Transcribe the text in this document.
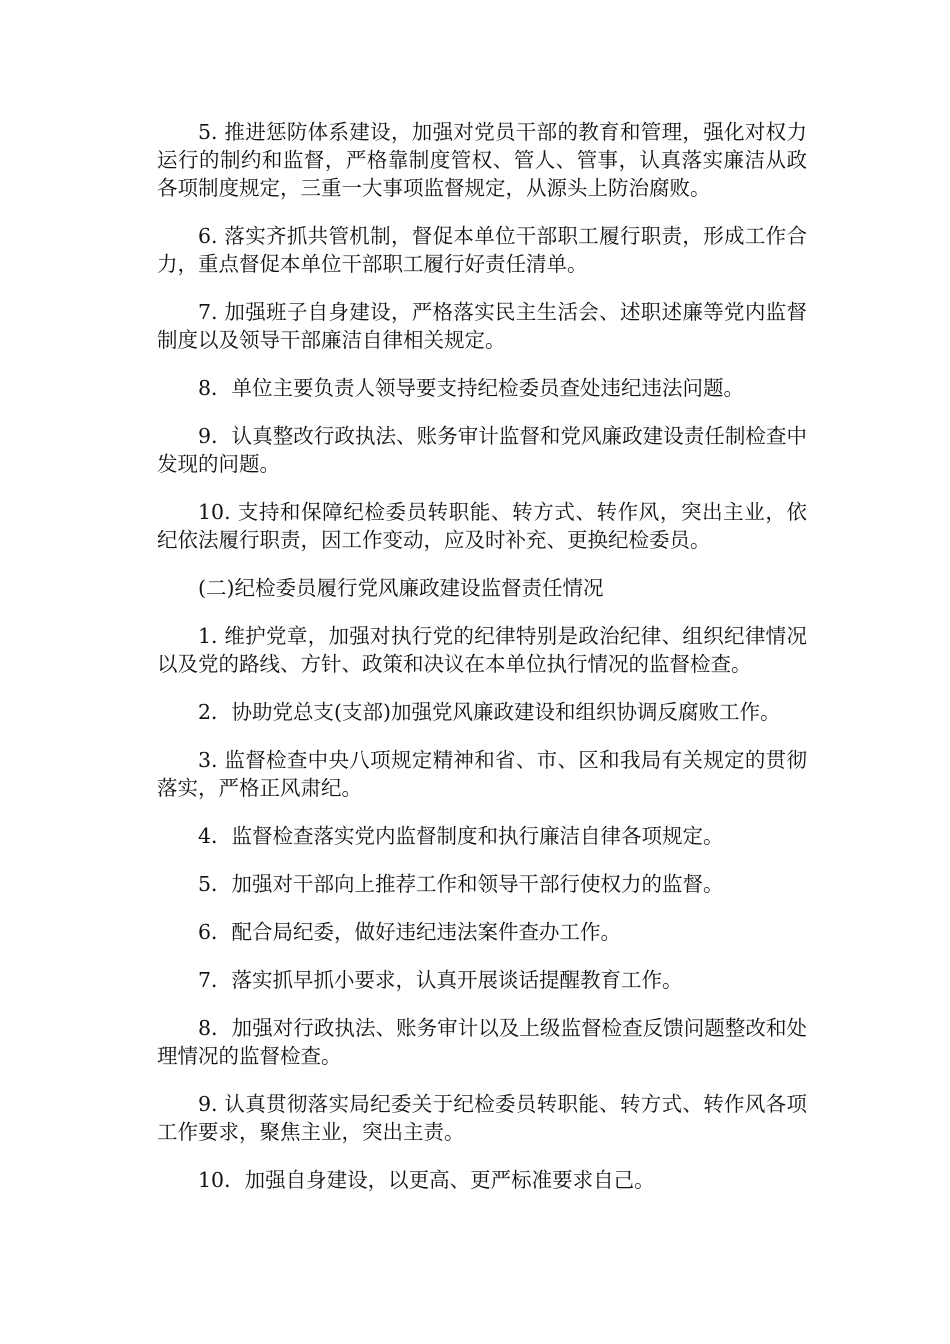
5. 推进惩防体系建设，加强对党员干部的教育和管理，强化对权力运行的制约和监督，严格靠制度管权、管人、管事，认真落实廉洁从政各项制度规定，三重一大事项监督规定，从源头上防治腐败。

6. 落实齐抓共管机制，督促本单位干部职工履行职责，形成工作合力，重点督促本单位干部职工履行好责任清单。

7. 加强班子自身建设，严格落实民主生活会、述职述廉等党内监督制度以及领导干部廉洁自律相关规定。

8．单位主要负责人领导要支持纪检委员查处违纪违法问题。

9．认真整改行政执法、账务审计监督和党风廉政建设责任制检查中发现的问题。

10. 支持和保障纪检委员转职能、转方式、转作风，突出主业，依纪依法履行职责，因工作变动，应及时补充、更换纪检委员。

(二)纪检委员履行党风廉政建设监督责任情况

1. 维护党章，加强对执行党的纪律特别是政治纪律、组织纪律情况以及党的路线、方针、政策和决议在本单位执行情况的监督检查。

2．协助党总支(支部)加强党风廉政建设和组织协调反腐败工作。

3. 监督检查中央八项规定精神和省、市、区和我局有关规定的贯彻落实，严格正风肃纪。

4．监督检查落实党内监督制度和执行廉洁自律各项规定。

5．加强对干部向上推荐工作和领导干部行使权力的监督。

6．配合局纪委，做好违纪违法案件查办工作。

7．落实抓早抓小要求，认真开展谈话提醒教育工作。

8．加强对行政执法、账务审计以及上级监督检查反馈问题整改和处理情况的监督检查。

9. 认真贯彻落实局纪委关于纪检委员转职能、转方式、转作风各项工作要求，聚焦主业，突出主责。

10．加强自身建设，以更高、更严标准要求自己。
